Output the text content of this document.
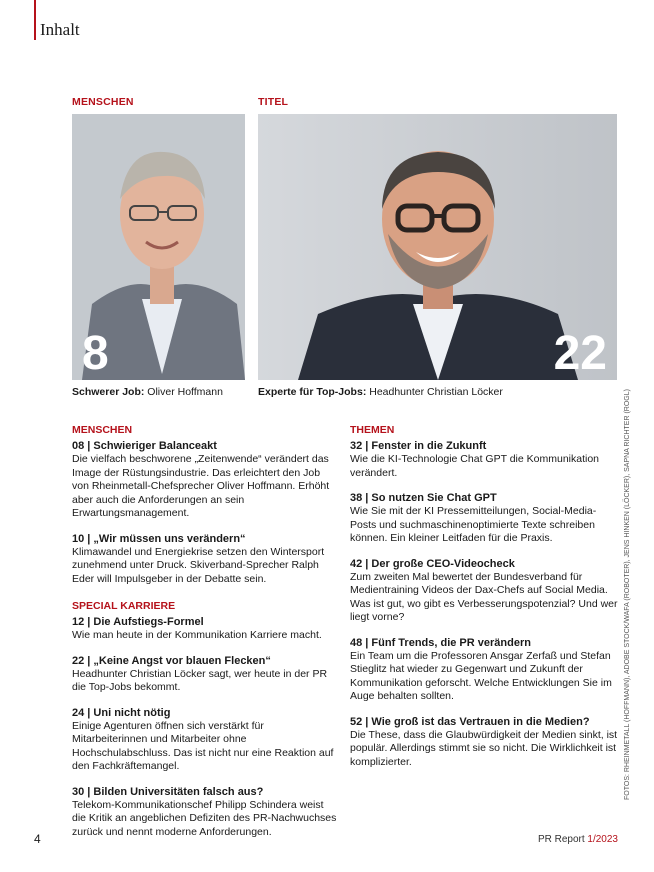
Inhalt
MENSCHEN
8
Schwerer Job: Oliver Hoffmann
TITEL
22
Experte für Top-Jobs: Headhunter Christian Löcker
MENSCHEN
08 | Schwieriger Balanceakt
Die vielfach beschworene „Zeitenwende“ verändert das Image der Rüstungsindustrie. Das erleichtert den Job von Rheinmetall-Chefsprecher Oliver Hoffmann. Erhöht aber auch die Anforderungen an sein Erwartungsmanagement.
10 | „Wir müssen uns verändern“
Klimawandel und Energiekrise setzen den Wintersport zunehmend unter Druck. Skiverband-Sprecher Ralph Eder will Impulsgeber in der Debatte sein.
SPECIAL KARRIERE
12 | Die Aufstiegs-Formel
Wie man heute in der Kommunikation Karriere macht.
22 | „Keine Angst vor blauen Flecken“
Headhunter Christian Löcker sagt, wer heute in der PR die Top-Jobs bekommt.
24 | Uni nicht nötig
Einige Agenturen öffnen sich verstärkt für Mitarbeiterinnen und Mitarbeiter ohne Hochschulabschluss. Das ist nicht nur eine Reaktion auf den Fachkräftemangel.
30 | Bilden Universitäten falsch aus?
Telekom-Kommunikationschef Philipp Schindera weist die Kritik an angeblichen Defiziten des PR-Nachwuchses zurück und nennt moderne Anforderungen.
THEMEN
32 | Fenster in die Zukunft
Wie die KI-Technologie Chat GPT die Kommunikation verändert.
38 | So nutzen Sie Chat GPT
Wie Sie mit der KI Pressemitteilungen, Social-Media-Posts und suchmaschinenoptimierte Texte schreiben können. Ein kleiner Leitfaden für die Praxis.
42 | Der große CEO-Videocheck
Zum zweiten Mal bewertet der Bundesverband für Medientraining Videos der Dax-Chefs auf Social Media. Was ist gut, wo gibt es Verbesserungspotenzial? Und wer liegt vorne?
48 | Fünf Trends, die PR verändern
Ein Team um die Professoren Ansgar Zerfaß und Stefan Stieglitz hat wieder zu Gegenwart und Zukunft der Kommunikation geforscht. Welche Entwicklungen Sie im Auge behalten sollten.
52 | Wie groß ist das Vertrauen in die Medien?
Die These, dass die Glaubwürdigkeit der Medien sinkt, ist populär. Allerdings stimmt sie so nicht. Die Wirklichkeit ist komplizierter.	FOTOS: RHEINMETALL (HOFFMANN), ADOBE STOCK/WAFA (ROBOTER), JENS HINKEN (LÖCKER), SAPNA RICHTER (ROGL)
4	PR Report 1/2023
